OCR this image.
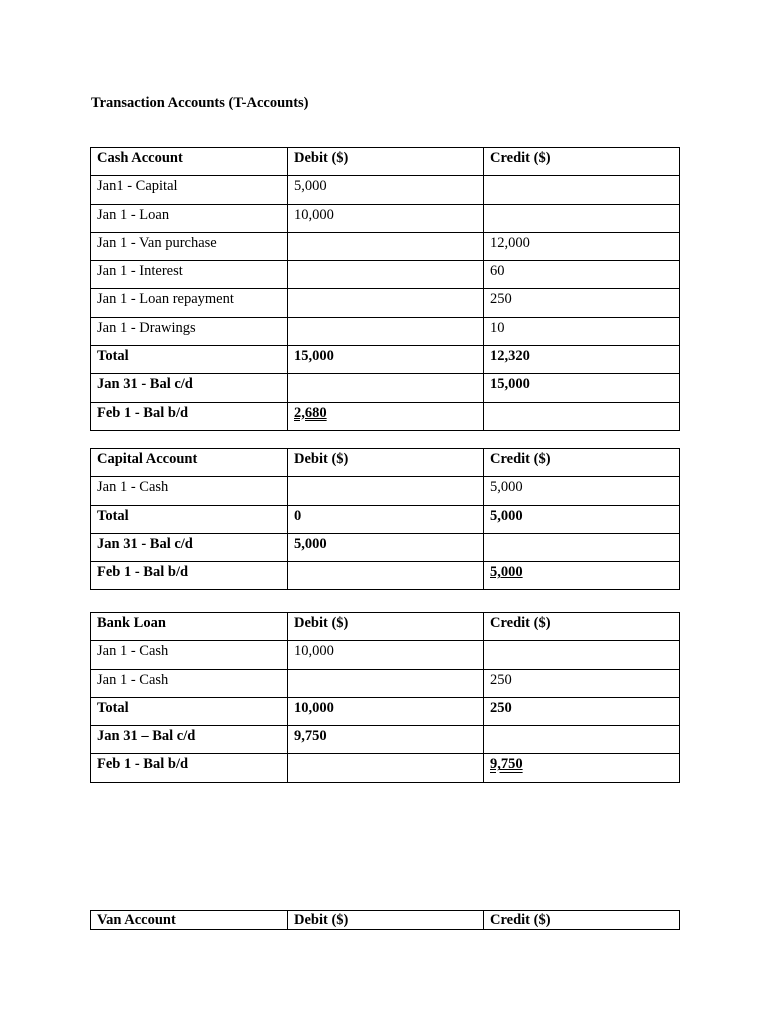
Transaction Accounts (T-Accounts)
Cash Account	Debit ($)	Credit ($)
Jan1 - Capital	5,000	
Jan 1 - Loan	10,000	
Jan 1 - Van purchase		12,000
Jan 1 - Interest		60
Jan 1 - Loan repayment		250
Jan 1 - Drawings		10
Total	15,000	12,320
Jan 31 - Bal c/d		15,000
Feb 1 - Bal b/d	2,680	
Capital Account	Debit ($)	Credit ($)
Jan 1 - Cash		5,000
Total	0	5,000
Jan 31 - Bal c/d	5,000	
Feb 1 - Bal b/d		5,000
Bank Loan	Debit ($)	Credit ($)
Jan 1 - Cash	10,000	
Jan 1 - Cash		250
Total	10,000	250
Jan 31 – Bal c/d	9,750	
Feb 1 - Bal b/d		9,750
Van Account	Debit ($)	Credit ($)
